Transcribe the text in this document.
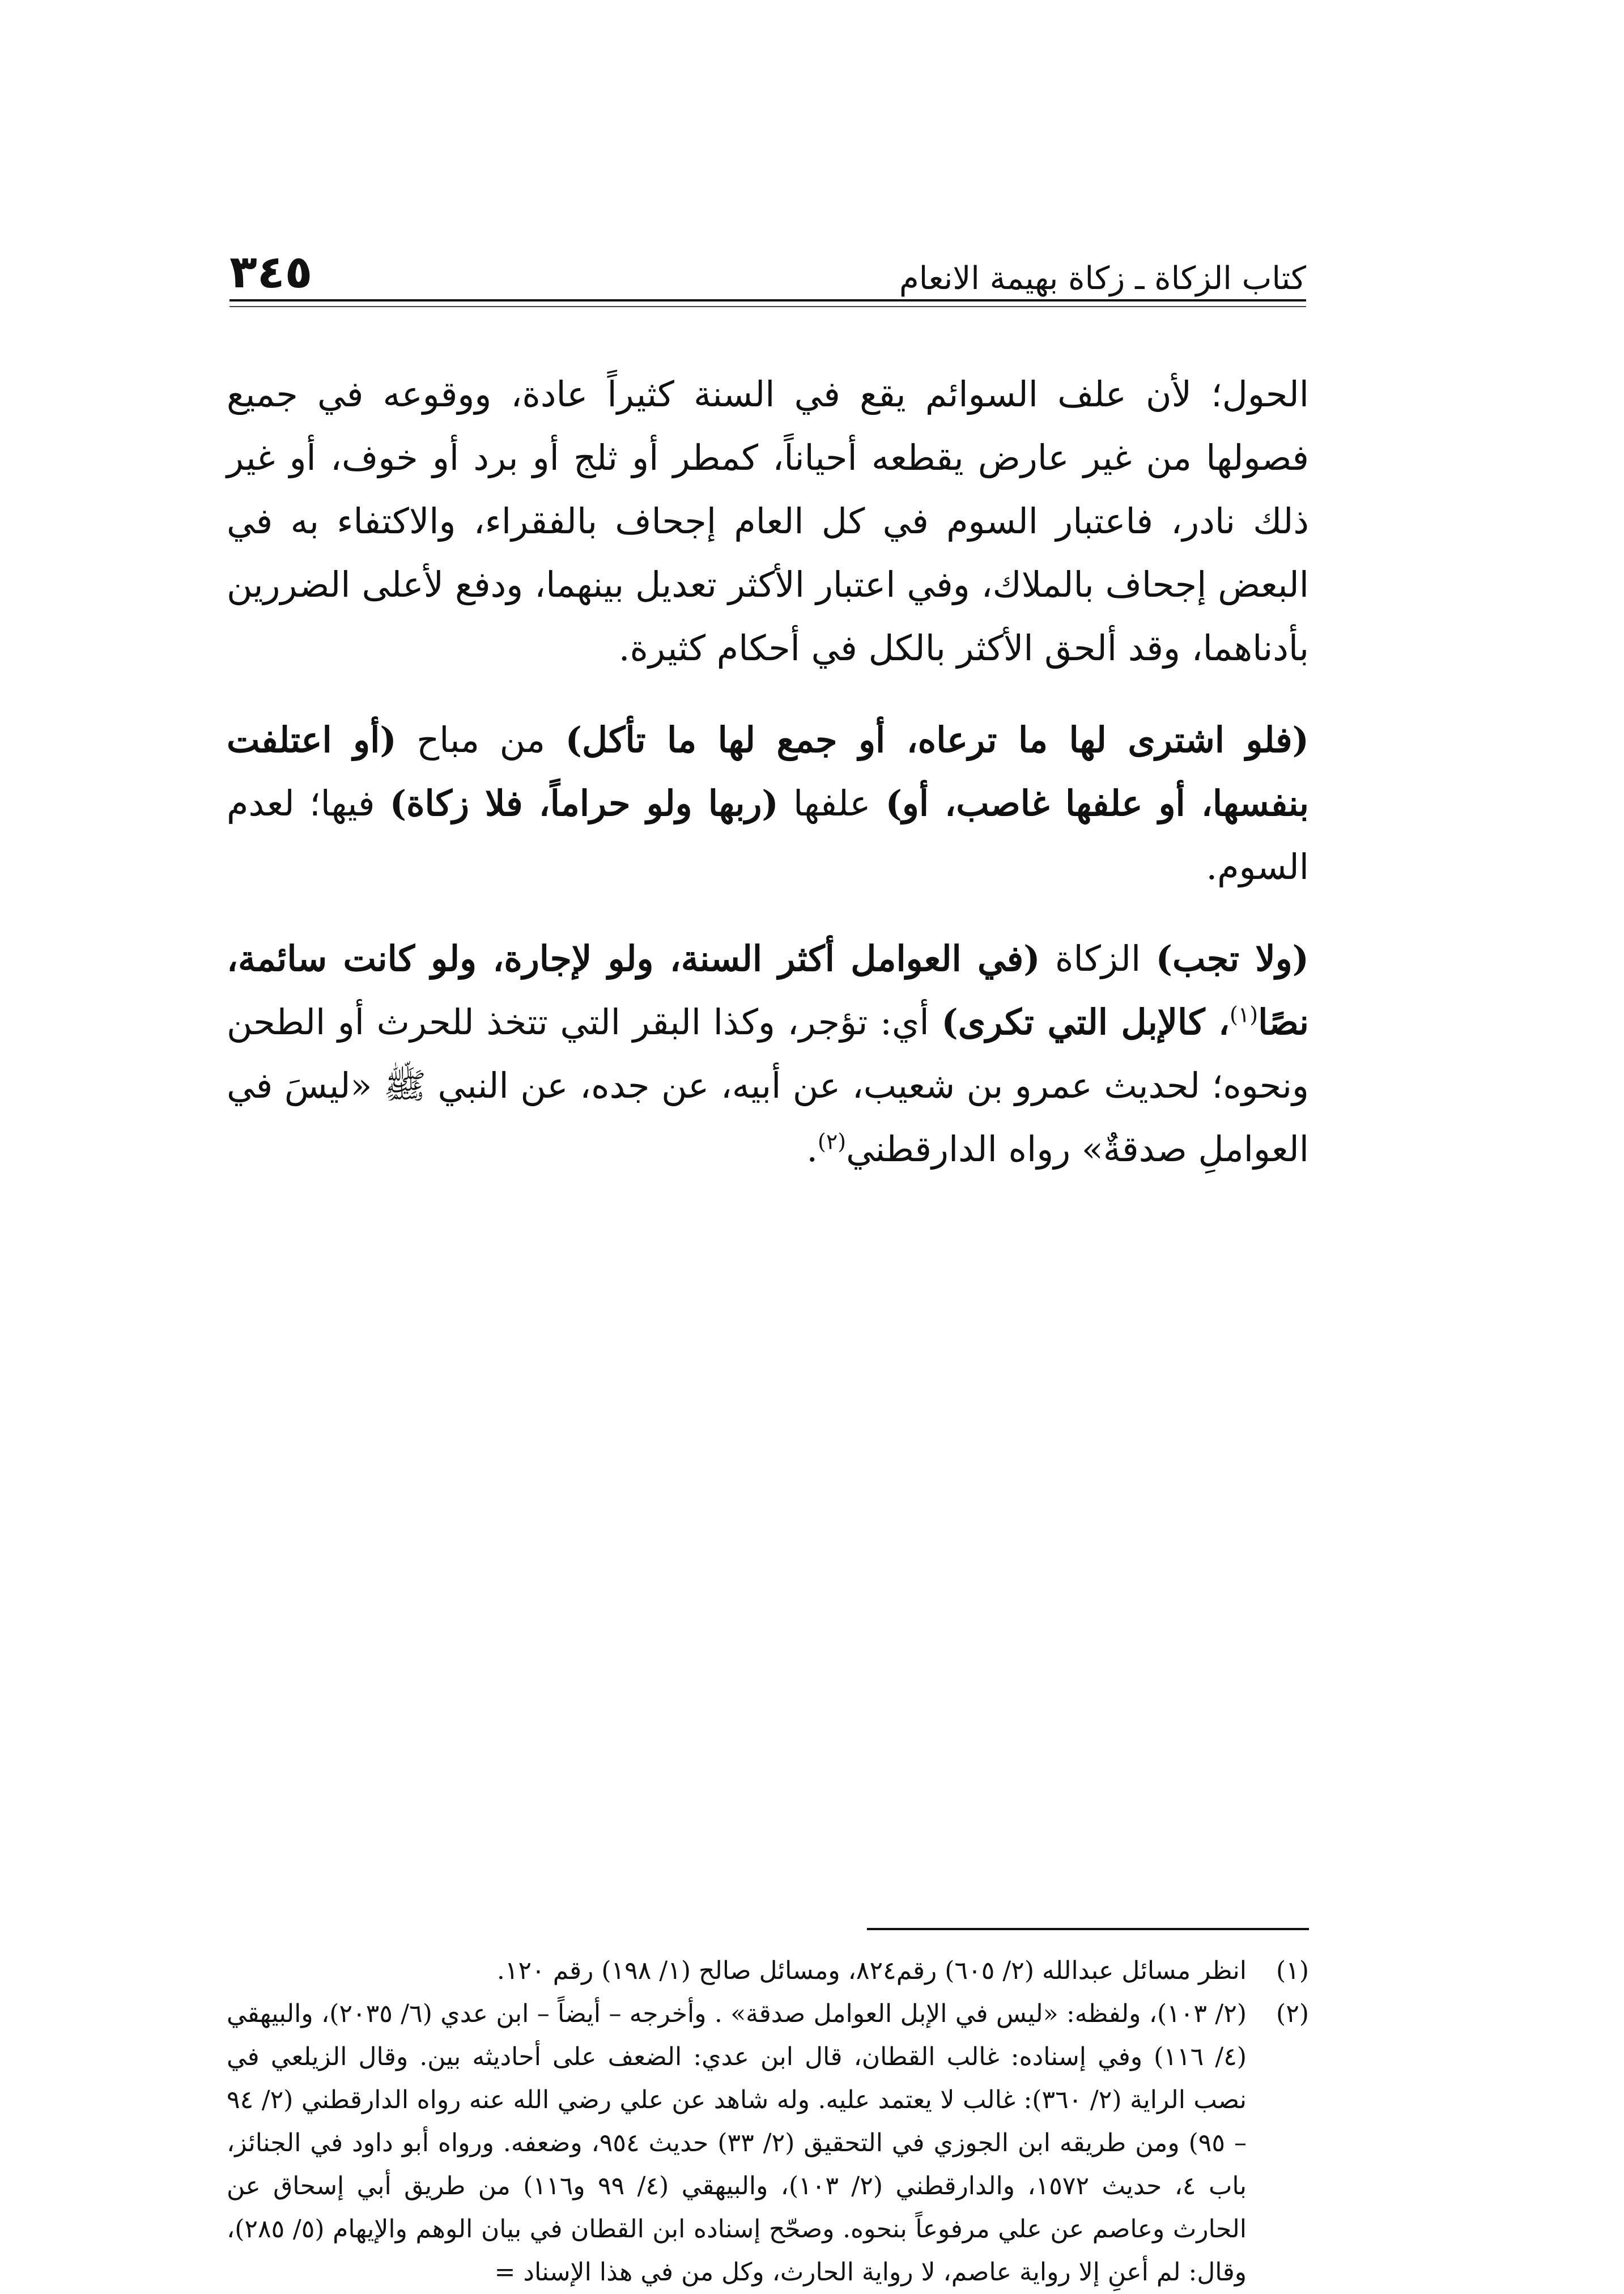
٣٤٥	كتاب الزكاة ـ زكاة بهيمة الانعام

الحول؛ لأن علف السوائم يقع في السنة كثيراً عادة، ووقوعه في جميع فصولها من غير عارض يقطعه أحياناً، كمطر أو ثلج أو برد أو خوف، أو غير ذلك نادر، فاعتبار السوم في كل العام إجحاف بالفقراء، والاكتفاء به في البعض إجحاف بالملاك، وفي اعتبار الأكثر تعديل بينهما، ودفع لأعلى الضررين بأدناهما، وقد ألحق الأكثر بالكل في أحكام كثيرة.

(فلو اشترى لها ما ترعاه، أو جمع لها ما تأكل) من مباح (أو اعتلفت بنفسها، أو علفها غاصب، أو) علفها (ربها ولو حراماً، فلا زكاة) فيها؛ لعدم السوم.

(ولا تجب) الزكاة (في العوامل أكثر السنة، ولو لإجارة، ولو كانت سائمة، نصًا$^{(١)}$، كالإبل التي تكرى) أي: تؤجر، وكذا البقر التي تتخذ للحرث أو الطحن ونحوه؛ لحديث عمرو بن شعيب، عن أبيه، عن جده، عن النبي ﷺ «ليسَ في العواملِ صدقةٌ» رواه الدارقطني$^{(٢)}$.

(١)
انظر مسائل عبدالله (٢/ ٦٠٥) رقم٨٢٤، ومسائل صالح (١/ ١٩٨) رقم ١٢٠.
(٢)
(٢/ ١٠٣)، ولفظه: «ليس في الإبل العوامل صدقة» . وأخرجه – أيضاً – ابن عدي (٦/ ٢٠٣٥)، والبيهقي (٤/ ١١٦) وفي إسناده: غالب القطان، قال ابن عدي: الضعف على أحاديثه بين. وقال الزيلعي في نصب الراية (٢/ ٣٦٠): غالب لا يعتمد عليه. وله شاهد عن علي رضي الله عنه رواه الدارقطني (٢/ ٩٤ – ٩٥) ومن طريقه ابن الجوزي في التحقيق (٢/ ٣٣) حديث ٩٥٤، وضعفه. ورواه أبو داود في الجنائز، باب ٤، حديث ١٥٧٢، والدارقطني (٢/ ١٠٣)، والبيهقي (٤/ ٩٩ و١١٦) من طريق أبي إسحاق عن الحارث وعاصم عن علي مرفوعاً بنحوه. وصحّح إسناده ابن القطان في بيان الوهم والإيهام (٥/ ٢٨٥)، وقال: لم أعنِ إلا رواية عاصم، لا رواية الحارث، وكل من في هذا الإسناد =
